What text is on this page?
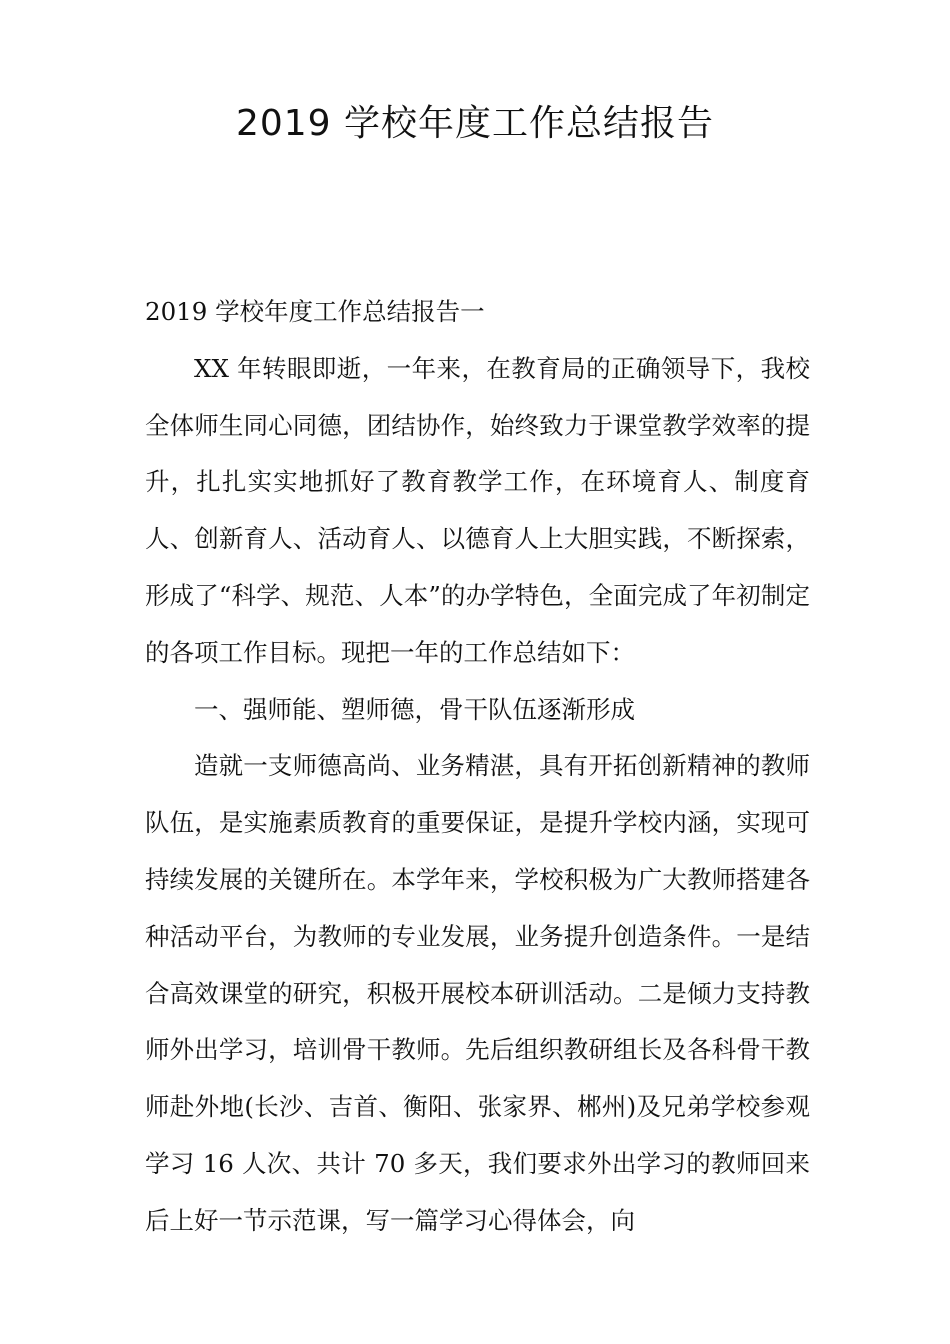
2019 学校年度工作总结报告

2019 学校年度工作总结报告一

XX 年转眼即逝，一年来，在教育局的正确领导下，我校全体师生同心同德，团结协作，始终致力于课堂教学效率的提升，扎扎实实地抓好了教育教学工作，在环境育人、制度育人、创新育人、活动育人、以德育人上大胆实践，不断探索，形成了“科学、规范、人本”的办学特色，全面完成了年初制定的各项工作目标。现把一年的工作总结如下：

一、强师能、塑师德，骨干队伍逐渐形成

造就一支师德高尚、业务精湛，具有开拓创新精神的教师队伍，是实施素质教育的重要保证，是提升学校内涵，实现可持续发展的关键所在。本学年来，学校积极为广大教师搭建各种活动平台，为教师的专业发展，业务提升创造条件。一是结合高效课堂的研究，积极开展校本研训活动。二是倾力支持教师外出学习，培训骨干教师。先后组织教研组长及各科骨干教师赴外地(长沙、吉首、衡阳、张家界、郴州)及兄弟学校参观学习 16 人次、共计 70 多天，我们要求外出学习的教师回来后上好一节示范课，写一篇学习心得体会，向
